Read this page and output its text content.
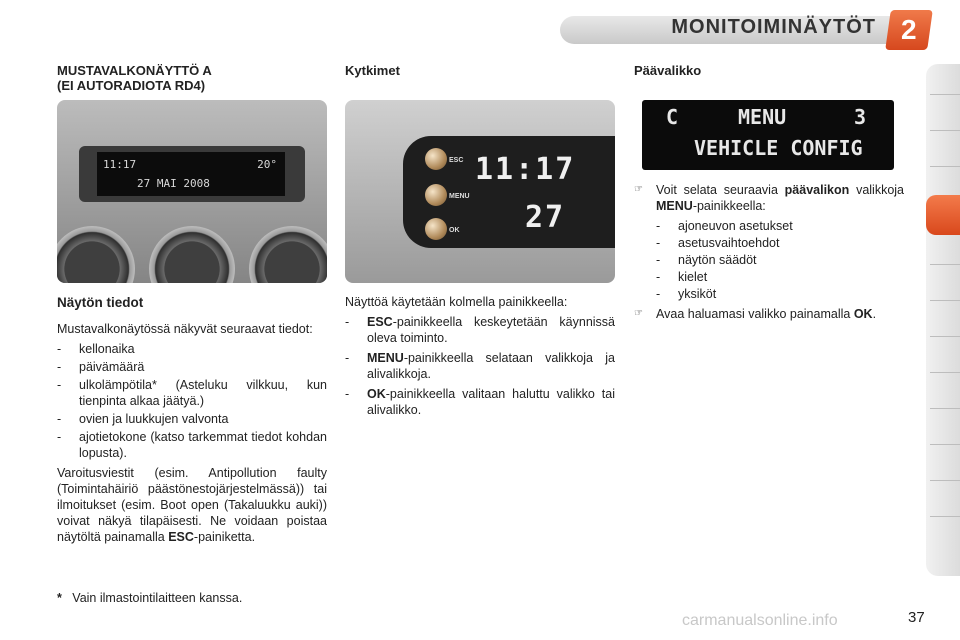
MONITOIMINÄYTÖT 2
MUSTAVALKONÄYTTÖ A
(EI AUTORADIOTA RD4)
11:17	20°
27 MAI 2008
Näytön tiedot
Mustavalkonäytössä näkyvät seuraavat tiedot:
-	kellonaika
-	päivämäärä
-	ulkolämpötila* (Asteluku vilkkuu, kun tienpinta alkaa jäätyä.)
-	ovien ja luukkujen valvonta
-	ajotietokone (katso tarkemmat tiedot kohdan lopusta).
Varoitusviestit (esim. Antipollution faulty (Toimintahäiriö päästönestojärjestelmässä)) tai ilmoitukset (esim. Boot open (Takaluukku auki)) voivat näkyä tilapäisesti. Ne voidaan poistaa näytöltä painamalla ESC-painiketta.
Kytkimet
ESC
MENU
OK
11:17
27
Näyttöä käytetään kolmella painikkeella:
-	ESC-painikkeella keskeytetään käynnissä oleva toiminto.
-	MENU-painikkeella selataan valikkoja ja alivalikkoja.
-	OK-painikkeella valitaan haluttu valikko tai alivalikko.
Päävalikko
C	MENU	3
VEHICLE CONFIG
☞	Voit selata seuraavia päävalikon valikkoja MENU-painikkeella:
-	ajoneuvon asetukset
-	asetusvaihtoehdot
-	näytön säädöt
-	kielet
-	yksiköt
☞	Avaa haluamasi valikko painamalla OK.
* Vain ilmastointilaitteen kanssa.
carmanualsonline.info	37
